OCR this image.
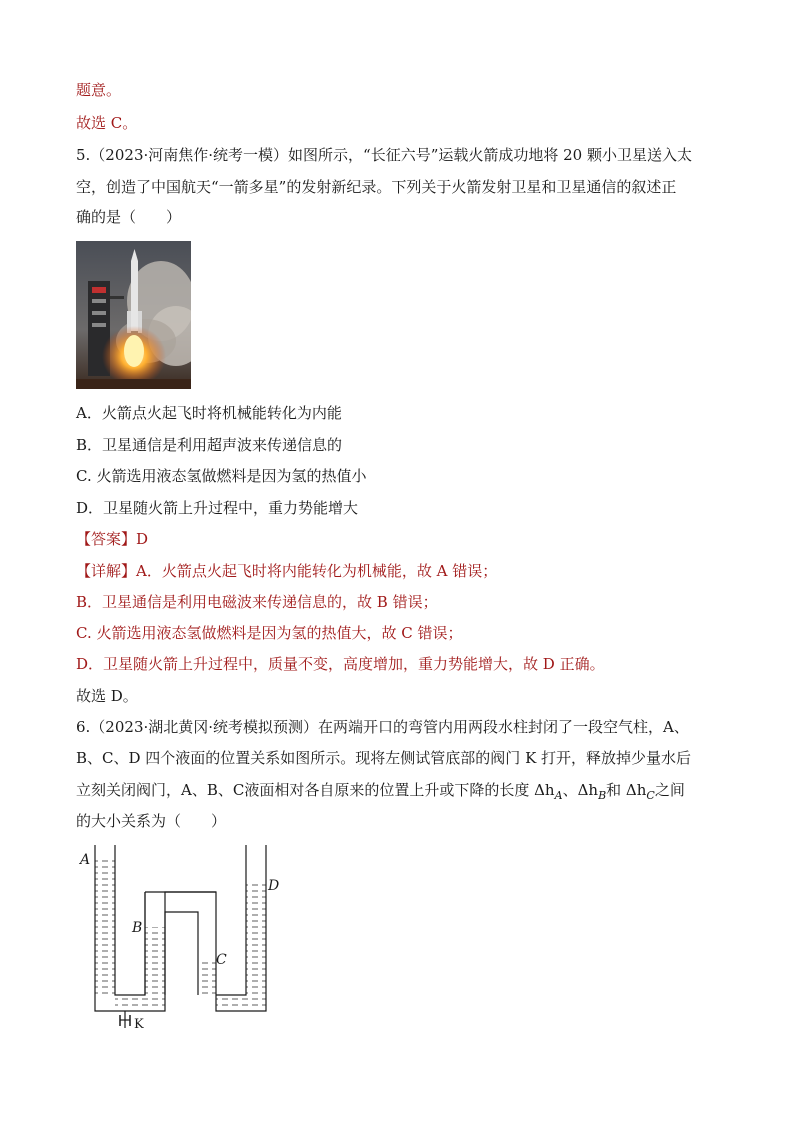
题意。
故选 C。
5.（2023·河南焦作·统考一模）如图所示，“长征六号”运载火箭成功地将 20 颗小卫星送入太
空，创造了中国航天“一箭多星”的发射新纪录。下列关于火箭发射卫星和卫星通信的叙述正
确的是（　　）
A．火箭点火起飞时将机械能转化为内能
B．卫星通信是利用超声波来传递信息的
C. 火箭选用液态氢做燃料是因为氢的热值小
D．卫星随火箭上升过程中，重力势能增大
【答案】D
【详解】A．火箭点火起飞时将内能转化为机械能，故 A 错误；
B．卫星通信是利用电磁波来传递信息的，故 B 错误；
C. 火箭选用液态氢做燃料是因为氢的热值大，故 C 错误；
D．卫星随火箭上升过程中，质量不变，高度增加，重力势能增大，故 D 正确。
故选 D。
6.（2023·湖北黄冈·统考模拟预测）在两端开口的弯管内用两段水柱封闭了一段空气柱，A、
B、C、D 四个液面的位置关系如图所示。现将左侧试管底部的阀门 K 打开，释放掉少量水后
立刻关闭阀门，A、B、C液面相对各自原来的位置上升或下降的长度 $\Delta h_A$、$\Delta h_B$和 $\Delta h_C$之间
的大小关系为（　　）
A
B
C
D
K
